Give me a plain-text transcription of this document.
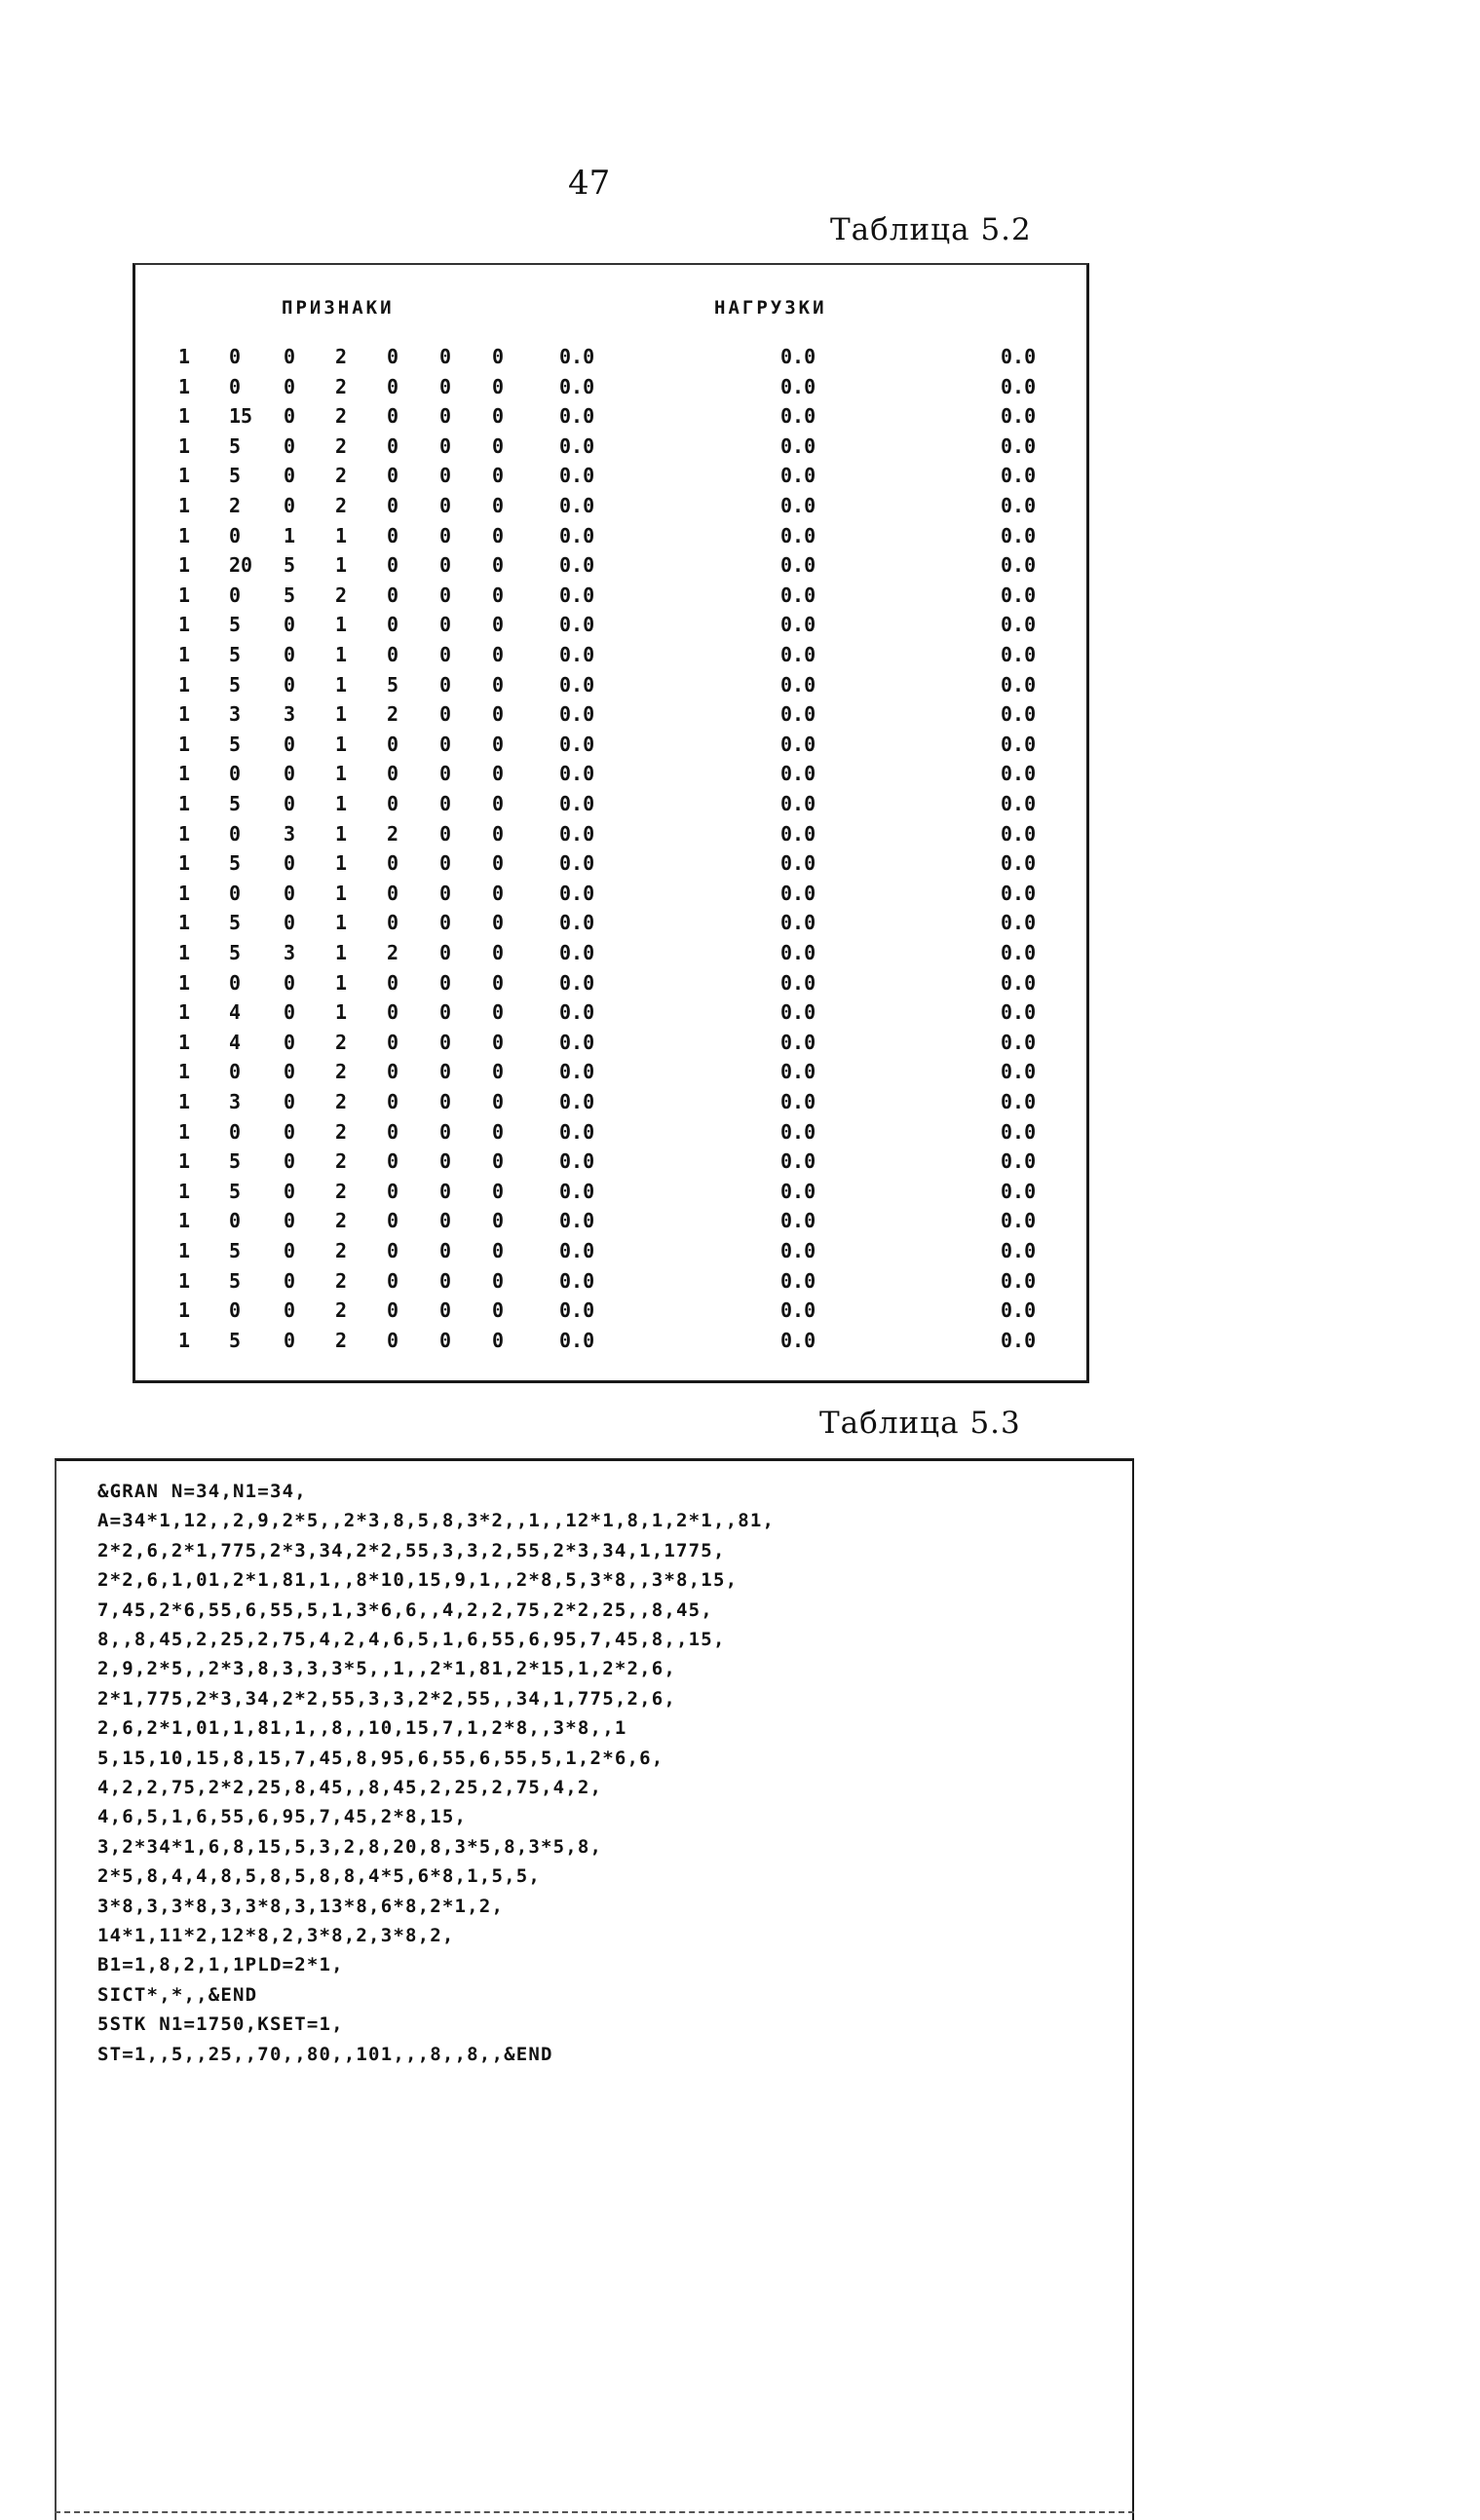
47
Таблица 5.2
ПРИЗНАКИ	НАГРУЗКИ
1 0 0 2 0 0 0	0.0	0.0	0.0
1 0 0 2 0 0 0	0.0	0.0	0.0
1 15 0 2 0 0 0	0.0	0.0	0.0
1 5 0 2 0 0 0	0.0	0.0	0.0
1 5 0 2 0 0 0	0.0	0.0	0.0
1 2 0 2 0 0 0	0.0	0.0	0.0
1 0 1 1 0 0 0	0.0	0.0	0.0
1 20 5 1 0 0 0	0.0	0.0	0.0
1 0 5 2 0 0 0	0.0	0.0	0.0
1 5 0 1 0 0 0	0.0	0.0	0.0
1 5 0 1 0 0 0	0.0	0.0	0.0
1 5 0 1 5 0 0	0.0	0.0	0.0
1 3 3 1 2 0 0	0.0	0.0	0.0
1 5 0 1 0 0 0	0.0	0.0	0.0
1 0 0 1 0 0 0	0.0	0.0	0.0
1 5 0 1 0 0 0	0.0	0.0	0.0
1 0 3 1 2 0 0	0.0	0.0	0.0
1 5 0 1 0 0 0	0.0	0.0	0.0
1 0 0 1 0 0 0	0.0	0.0	0.0
1 5 0 1 0 0 0	0.0	0.0	0.0
1 5 3 1 2 0 0	0.0	0.0	0.0
1 0 0 1 0 0 0	0.0	0.0	0.0
1 4 0 1 0 0 0	0.0	0.0	0.0
1 4 0 2 0 0 0	0.0	0.0	0.0
1 0 0 2 0 0 0	0.0	0.0	0.0
1 3 0 2 0 0 0	0.0	0.0	0.0
1 0 0 2 0 0 0	0.0	0.0	0.0
1 5 0 2 0 0 0	0.0	0.0	0.0
1 5 0 2 0 0 0	0.0	0.0	0.0
1 0 0 2 0 0 0	0.0	0.0	0.0
1 5 0 2 0 0 0	0.0	0.0	0.0
1 5 0 2 0 0 0	0.0	0.0	0.0
1 0 0 2 0 0 0	0.0	0.0	0.0
1 5 0 2 0 0 0	0.0	0.0	0.0
Таблица 5.3
&GRAN N=34,N1=34,
A=34*1,12,,2,9,2*5,,2*3,8,5,8,3*2,,1,,12*1,8,1,2*1,,81,
2*2,6,2*1,775,2*3,34,2*2,55,3,3,2,55,2*3,34,1,1775,
2*2,6,1,01,2*1,81,1,,8*10,15,9,1,,2*8,5,3*8,,3*8,15,
7,45,2*6,55,6,55,5,1,3*6,6,,4,2,2,75,2*2,25,,8,45,
8,,8,45,2,25,2,75,4,2,4,6,5,1,6,55,6,95,7,45,8,,15,
2,9,2*5,,2*3,8,3,3,3*5,,1,,2*1,81,2*15,1,2*2,6,
2*1,775,2*3,34,2*2,55,3,3,2*2,55,,34,1,775,2,6,
2,6,2*1,01,1,81,1,,8,,10,15,7,1,2*8,,3*8,,1
5,15,10,15,8,15,7,45,8,95,6,55,6,55,5,1,2*6,6,
4,2,2,75,2*2,25,8,45,,8,45,2,25,2,75,4,2,
4,6,5,1,6,55,6,95,7,45,2*8,15,
3,2*34*1,6,8,15,5,3,2,8,20,8,3*5,8,3*5,8,
2*5,8,4,4,8,5,8,5,8,8,4*5,6*8,1,5,5,
3*8,3,3*8,3,3*8,3,13*8,6*8,2*1,2,
14*1,11*2,12*8,2,3*8,2,3*8,2,
B1=1,8,2,1,1PLD=2*1,
SICT*,*,,&END
5STK N1=1750,KSET=1,
ST=1,,5,,25,,70,,80,,101,,,8,,8,,&END
